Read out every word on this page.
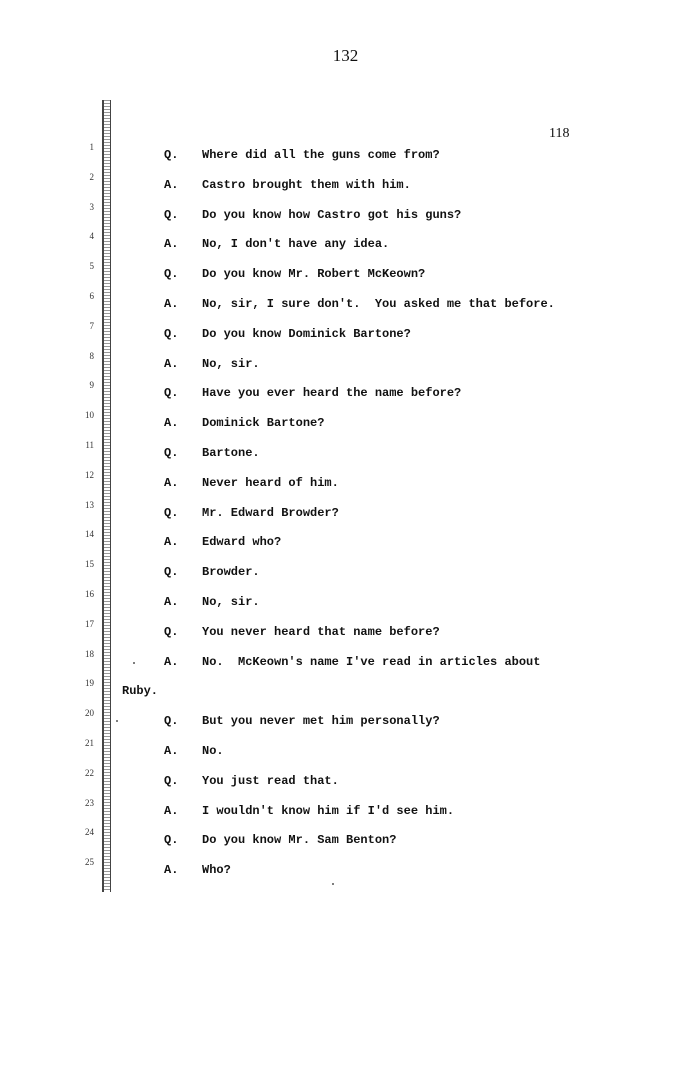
132
118
1
Q. Where did all the guns come from?
2
A. Castro brought them with him.
3
Q. Do you know how Castro got his guns?
4
A. No, I don't have any idea.
5
Q. Do you know Mr. Robert McKeown?
6
A. No, sir, I sure don't.  You asked me that before.
7
Q. Do you know Dominick Bartone?
8
A. No, sir.
9
Q. Have you ever heard the name before?
10
A. Dominick Bartone?
11
Q. Bartone.
12
A. Never heard of him.
13
Q. Mr. Edward Browder?
14
A. Edward who?
15
Q. Browder.
16
A. No, sir.
17
Q. You never heard that name before?
18
A. No.  McKeown's name I've read in articles about
19
Ruby.
20
Q. But you never met him personally?
21
A. No.
22
Q. You just read that.
23
A. I wouldn't know him if I'd see him.
24
Q. Do you know Mr. Sam Benton?
25
A. Who?
